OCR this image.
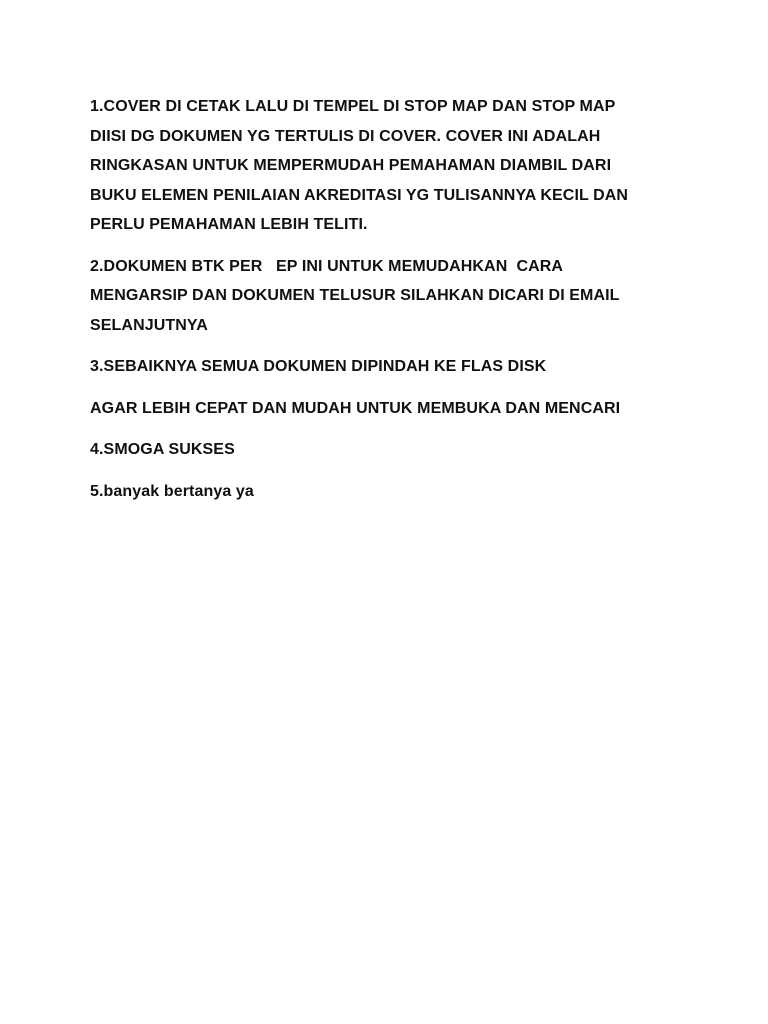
1.COVER DI CETAK LALU DI TEMPEL DI STOP MAP DAN STOP MAP
DIISI DG DOKUMEN YG TERTULIS DI COVER. COVER INI ADALAH
RINGKASAN UNTUK MEMPERMUDAH PEMAHAMAN DIAMBIL DARI
BUKU ELEMEN PENILAIAN AKREDITASI YG TULISANNYA KECIL DAN
PERLU PEMAHAMAN LEBIH TELITI.

2.DOKUMEN BTK PER   EP INI UNTUK MEMUDAHKAN  CARA
MENGARSIP DAN DOKUMEN TELUSUR SILAHKAN DICARI DI EMAIL
SELANJUTNYA

3.SEBAIKNYA SEMUA DOKUMEN DIPINDAH KE FLAS DISK

AGAR LEBIH CEPAT DAN MUDAH UNTUK MEMBUKA DAN MENCARI

4.SMOGA SUKSES

5.banyak bertanya ya
